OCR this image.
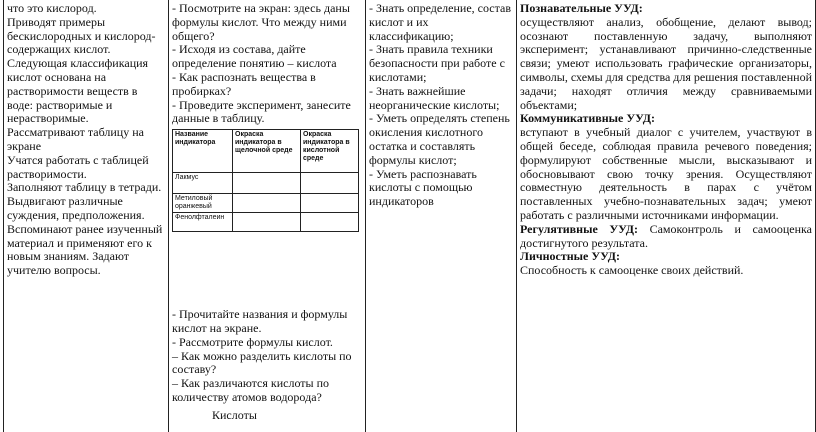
что это кислород.
Приводят примеры бескислородных и кислород-содержащих кислот.
Следующая классификация кислот основана на растворимости веществ в воде: растворимые и нерастворимые.
Рассматривают таблицу на экране
Учатся работать с таблицей растворимости.
Заполняют таблицу в тетради.
Выдвигают различные суждения, предположения.
Вспоминают ранее изученный материал и применяют его к новым знаниям. Задают учителю вопросы.

- Посмотрите на экран: здесь даны формулы кислот. Что между ними общего?
- Исходя из состава, дайте определение понятию – кислота
- Как распознать вещества в пробирках?
- Проведите эксперимент, занесите данные в таблицу.
Название индикатора	Окраска индикатора в щелочной среде	Окраска индикатора в кислотной среде
Лакмус		
Метиловый оранжевый		
Фенолфталеин		
- Прочитайте названия и формулы кислот на экране.
- Рассмотрите формулы кислот.
– Как можно разделить кислоты по составу?
– Как различаются кислоты по количеству атомов водорода?
Кислоты

- Знать определение, состав кислот и их классификацию;
- Знать правила техники безопасности при работе с кислотами;
- Знать важнейшие неорганические кислоты;
- Уметь определять степень окисления кислотного остатка и составлять формулы кислот;
- Уметь распознавать кислоты с помощью индикаторов

Познавательные УУД:
осуществляют анализ, обобщение, делают вывод; осознают поставленную задачу, выполняют эксперимент; устанавливают причинно-следственные связи; умеют использовать графические организаторы, символы, схемы для средства для решения поставленной задачи; находят отличия между сравниваемыми объектами;
Коммуникативные УУД:
вступают в учебный диалог с учителем, участвуют в общей беседе, соблюдая правила речевого поведения; формулируют собственные мысли, высказывают и обосновывают свою точку зрения. Осуществляют совместную деятельность в парах с учётом поставленных учебно-познавательных задач; умеют работать с различными источниками информации.
Регулятивные УУД: Самоконтроль и самооценка достигнутого результата.
Личностные УУД:
Способность к самооценке своих действий.
